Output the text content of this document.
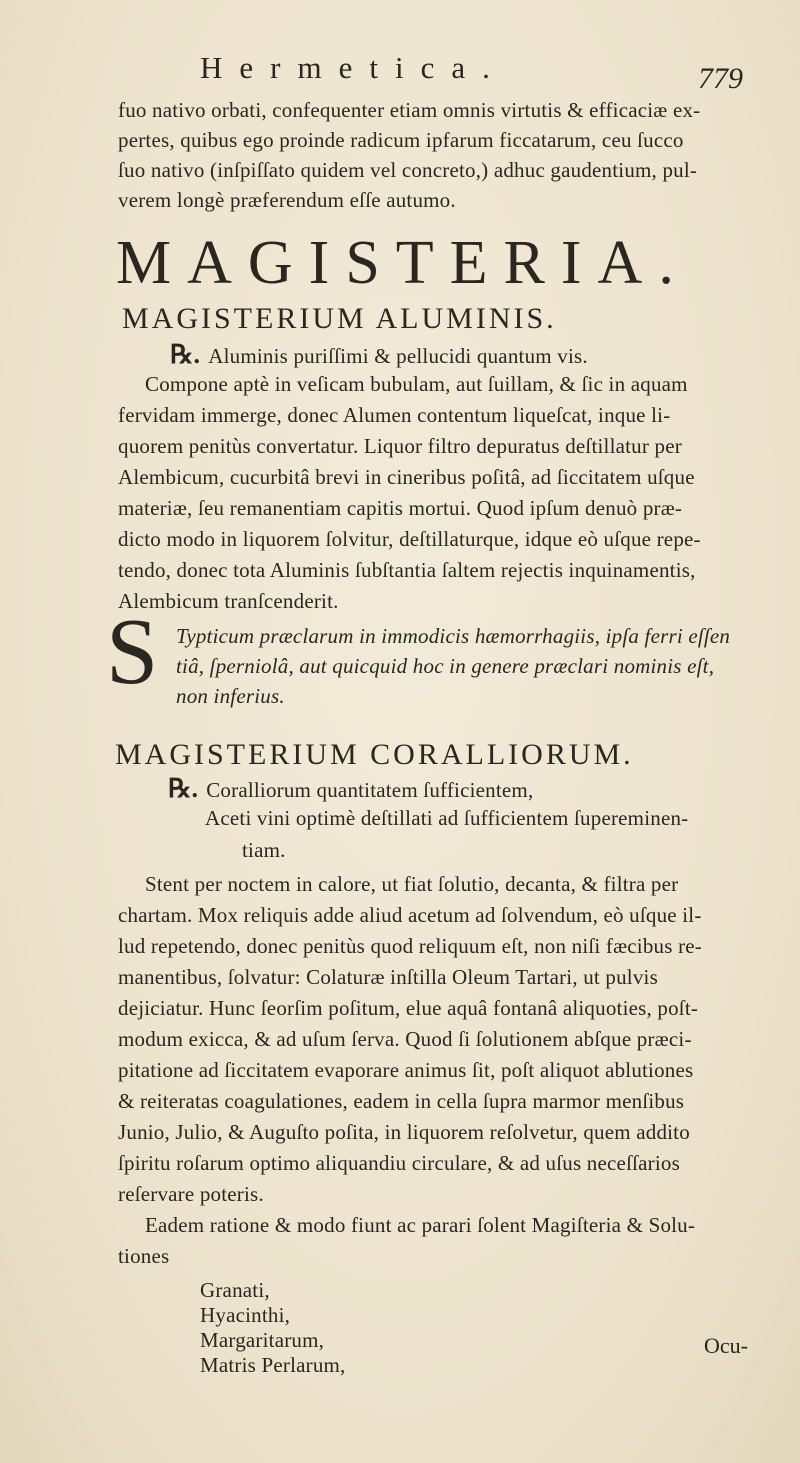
Hermetica.	779
fuo nativo orbati, confequenter etiam omnis virtutis & efficaciæ ex-
pertes, quibus ego proinde radicum ipfarum ficcatarum, ceu ſucco
ſuo nativo (inſpiſſato quidem vel concreto,) adhuc gaudentium, pul-
verem longè præferendum eſſe autumo.
MAGISTERIA.
MAGISTERIUM ALUMINIS.
℞. Aluminis puriſſimi & pellucidi quantum vis.
Compone aptè in veſicam bubulam, aut ſuillam, & ſic in aquam
fervidam immerge, donec Alumen contentum liqueſcat, inque li-
quorem penitùs convertatur. Liquor filtro depuratus deſtillatur per
Alembicum, cucurbitâ brevi in cineribus poſitâ, ad ſiccitatem uſque
materiæ, ſeu remanentiam capitis mortui. Quod ipſum denuò præ-
dicto modo in liquorem ſolvitur, deſtillaturque, idque eò uſque repe-
tendo, donec tota Aluminis ſubſtantia ſaltem rejectis inquinamentis,
Alembicum tranſcenderit.
S Typticum præclarum in immodicis hæmorrhagiis, ipſa ferri eſſen
tiâ, ſperniolâ, aut quicquid hoc in genere præclari nominis eſt,
non inferius.
MAGISTERIUM CORALLIORUM.
℞. Coralliorum quantitatem ſufficientem,
Aceti vini optimè deſtillati ad ſufficientem ſupereminen-
tiam.
Stent per noctem in calore, ut fiat ſolutio, decanta, & filtra per
chartam. Mox reliquis adde aliud acetum ad ſolvendum, eò uſque il-
lud repetendo, donec penitùs quod reliquum eſt, non niſi fæcibus re-
manentibus, ſolvatur: Colaturæ inſtilla Oleum Tartari, ut pulvis
dejiciatur. Hunc ſeorſim poſitum, elue aquâ fontanâ aliquoties, poſt-
modum exicca, & ad uſum ſerva. Quod ſi ſolutionem abſque præci-
pitatione ad ſiccitatem evaporare animus ſit, poſt aliquot ablutiones
& reiteratas coagulationes, eadem in cella ſupra marmor menſibus
Junio, Julio, & Auguſto poſita, in liquorem reſolvetur, quem addito
ſpiritu roſarum optimo aliquandiu circulare, & ad uſus neceſſarios
reſervare poteris.
Eadem ratione & modo fiunt ac parari ſolent Magiſteria & Solu-
tiones
Granati,
Hyacinthi,
Margaritarum,
Matris Perlarum,
Ocu-
